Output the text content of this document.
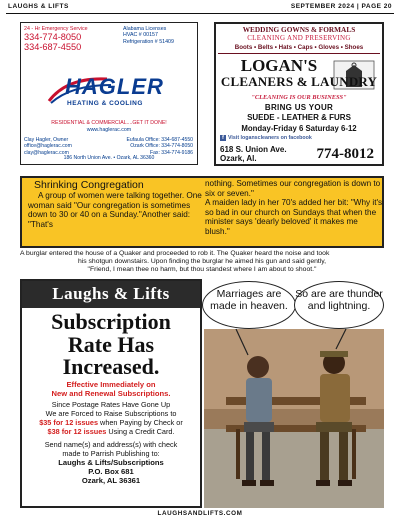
LAUGHS & LIFTS	SEPTEMBER 2024 | PAGE 20
24 - Hr Emergency Service
334-774-8050
334-687-4550
Alabama Licenses
HVAC # 00157
Refrigeration # 51409
HAGLER
HEATING & COOLING
RESIDENTIAL & COMMERCIAL....GET IT DONE!
www.haglerac.com
Clay Hagler, Owner
office@haglerac.com
clay@haglerac.com
Eufaula Office: 334-687-4550
Ozark Office: 334-774-8050
Fax: 334-774-9186
186 North Union Ave. • Ozark, AL 36360
WEDDING GOWNS & FORMALS
CLEANING AND PRESERVING
Boots • Belts • Hats • Caps • Gloves • Shoes
LOGAN'S
CLEANERS & LAUNDRY
"CLEANING IS OUR BUSINESS"
BRING US YOUR
SUEDE - LEATHER & FURS
Monday-Friday 6 Saturday 6-12
f Visit loganscleaners on facebook
618 S. Union Ave.
Ozark, Al.	774-8012
Shrinking Congregation

A group of women were talking together. One woman said "Our congregation is sometimes down to 30 or 40 on a Sunday."Another said: "That's

nothing. Sometimes our congregation is down to six or seven."
A maiden lady in her 70's added her bit: "Why it's so bad in our church on Sundays that when the minister says 'dearly beloved' it makes me blush."
A burglar entered the house of a Quaker and proceeded to rob it. The Quaker heard the noise and took
his shotgun downstairs. Upon finding the burglar he aimed his gun and said gently,
"Friend, I mean thee no harm, but thou standest where I am about to shoot."
Laughs & Lifts
Subscription
Rate Has
Increased.
Effective Immediately on
New and Renewal Subscriptions.
Since Postage Rates Have Gone Up
We are Forced to Raise Subscriptions to
$35 for 12 issues when Paying by Check or
$38 for 12 issues Using a Credit Card.
Send name(s) and address(s) with check
made to Parrish Publishing to:
Laughs & Lifts/Subscriptions
P.O. Box 681
Ozark, AL 36361
Marriages are made in heaven.
So are are thunder and lightning.
LAUGHSANDLIFTS.COM
